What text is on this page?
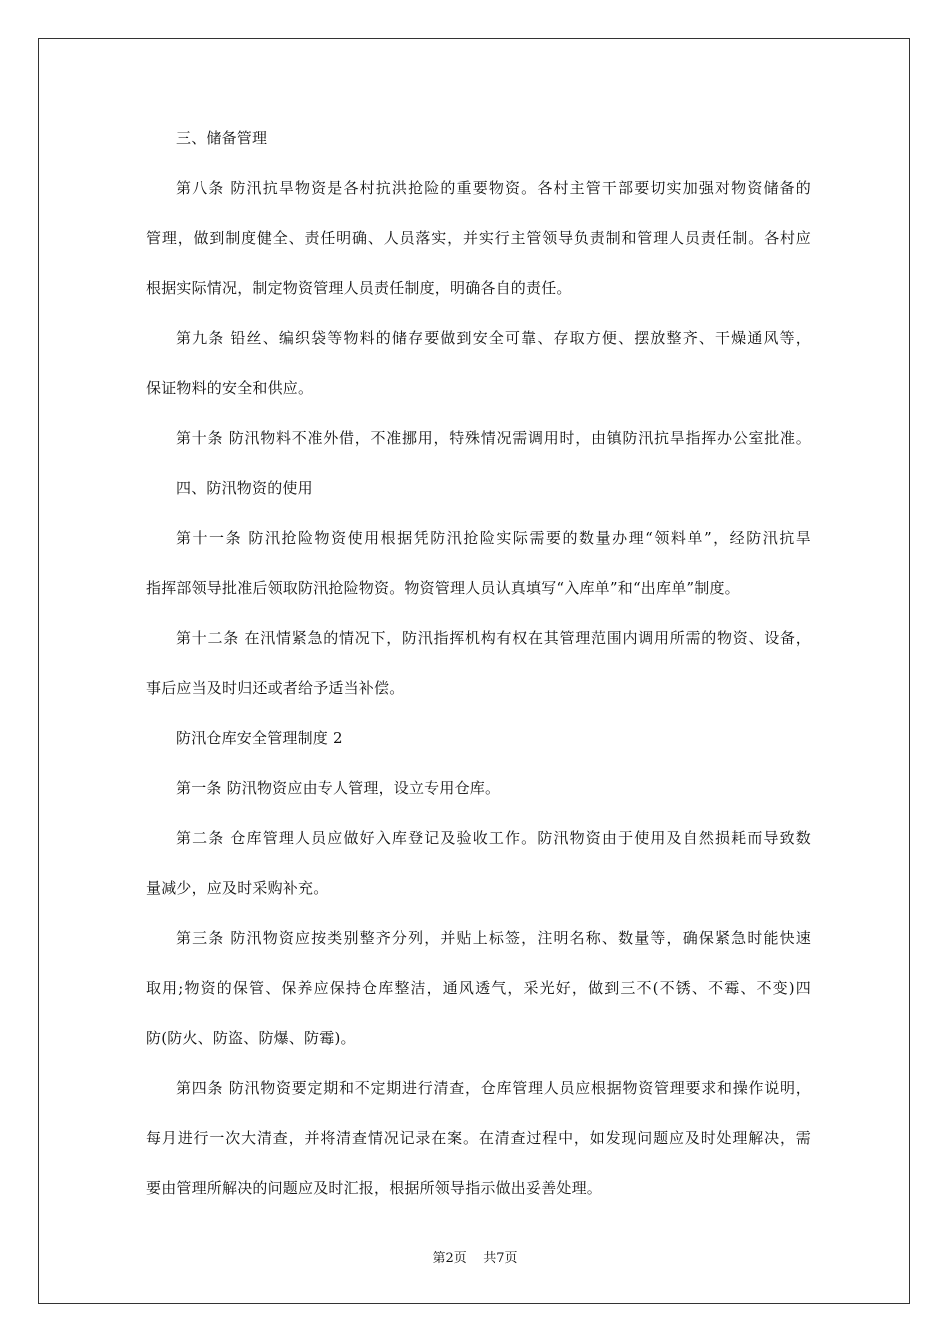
三、储备管理
第八条 防汛抗旱物资是各村抗洪抢险的重要物资。各村主管干部要切实加强对物资储备的
管理，做到制度健全、责任明确、人员落实，并实行主管领导负责制和管理人员责任制。各村应
根据实际情况，制定物资管理人员责任制度，明确各自的责任。
第九条 铅丝、编织袋等物料的储存要做到安全可靠、存取方便、摆放整齐、干燥通风等，
保证物料的安全和供应。
第十条 防汛物料不准外借，不准挪用，特殊情况需调用时，由镇防汛抗旱指挥办公室批准。
四、防汛物资的使用
第十一条 防汛抢险物资使用根据凭防汛抢险实际需要的数量办理“领料单”，经防汛抗旱
指挥部领导批准后领取防汛抢险物资。物资管理人员认真填写“入库单”和“出库单”制度。
第十二条 在汛情紧急的情况下，防汛指挥机构有权在其管理范围内调用所需的物资、设备，
事后应当及时归还或者给予适当补偿。
防汛仓库安全管理制度 2
第一条 防汛物资应由专人管理，设立专用仓库。
第二条 仓库管理人员应做好入库登记及验收工作。防汛物资由于使用及自然损耗而导致数
量减少，应及时采购补充。
第三条 防汛物资应按类别整齐分列，并贴上标签，注明名称、数量等，确保紧急时能快速
取用;物资的保管、保养应保持仓库整洁，通风透气，采光好，做到三不(不锈、不霉、不变)四
防(防火、防盗、防爆、防霉)。
第四条 防汛物资要定期和不定期进行清查，仓库管理人员应根据物资管理要求和操作说明，
每月进行一次大清查，并将清查情况记录在案。在清查过程中，如发现问题应及时处理解决，需
要由管理所解决的问题应及时汇报，根据所领导指示做出妥善处理。
第2页 共7页
